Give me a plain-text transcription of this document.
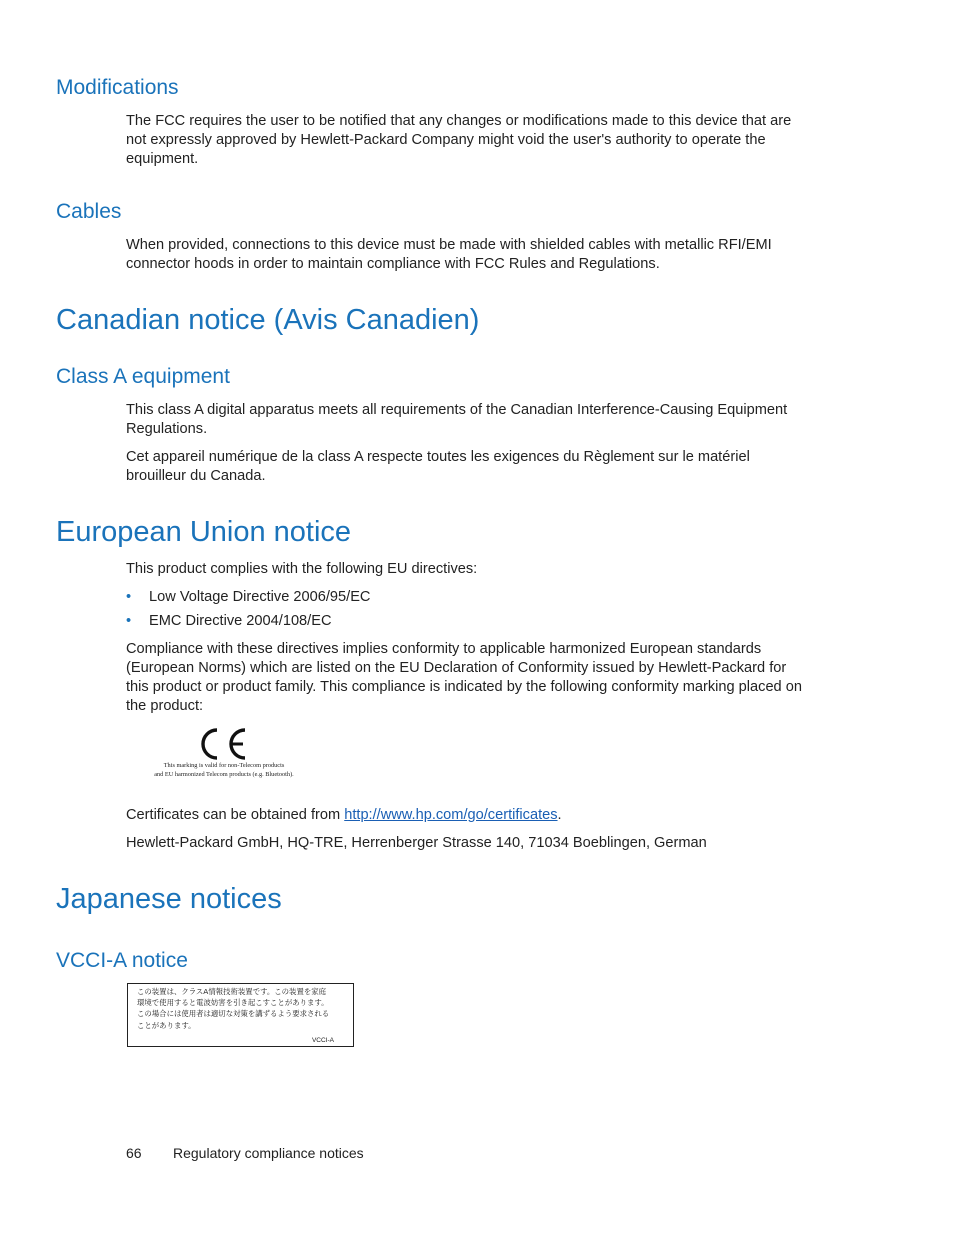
Modifications

The FCC requires the user to be notified that any changes or modifications made to this device that are not expressly approved by Hewlett-Packard Company might void the user's authority to operate the equipment.

Cables

When provided, connections to this device must be made with shielded cables with metallic RFI/EMI connector hoods in order to maintain compliance with FCC Rules and Regulations.

Canadian notice (Avis Canadien)
Class A equipment

This class A digital apparatus meets all requirements of the Canadian Interference-Causing Equipment Regulations.

Cet appareil numérique de la class A respecte toutes les exigences du Règlement sur le matériel brouilleur du Canada.

European Union notice

This product complies with the following EU directives:

• Low Voltage Directive 2006/95/EC
• EMC Directive 2004/108/EC

Compliance with these directives implies conformity to applicable harmonized European standards (European Norms) which are listed on the EU Declaration of Conformity issued by Hewlett-Packard for this product or product family. This compliance is indicated by the following conformity marking placed on the product:

This marking is valid for non-Telecom products
and EU harmonized Telecom products (e.g. Bluetooth).

Certificates can be obtained from http://www.hp.com/go/certificates.

Hewlett-Packard GmbH, HQ-TRE, Herrenberger Strasse 140, 71034 Boeblingen, German

Japanese notices
VCCI-A notice
この装置は、クラスA情報技術装置です。この装置を家庭
環境で使用すると電波妨害を引き起こすことがあります。
この場合には使用者は適切な対策を講ずるよう要求される
ことがあります。
VCCI-A
66 Regulatory compliance notices
